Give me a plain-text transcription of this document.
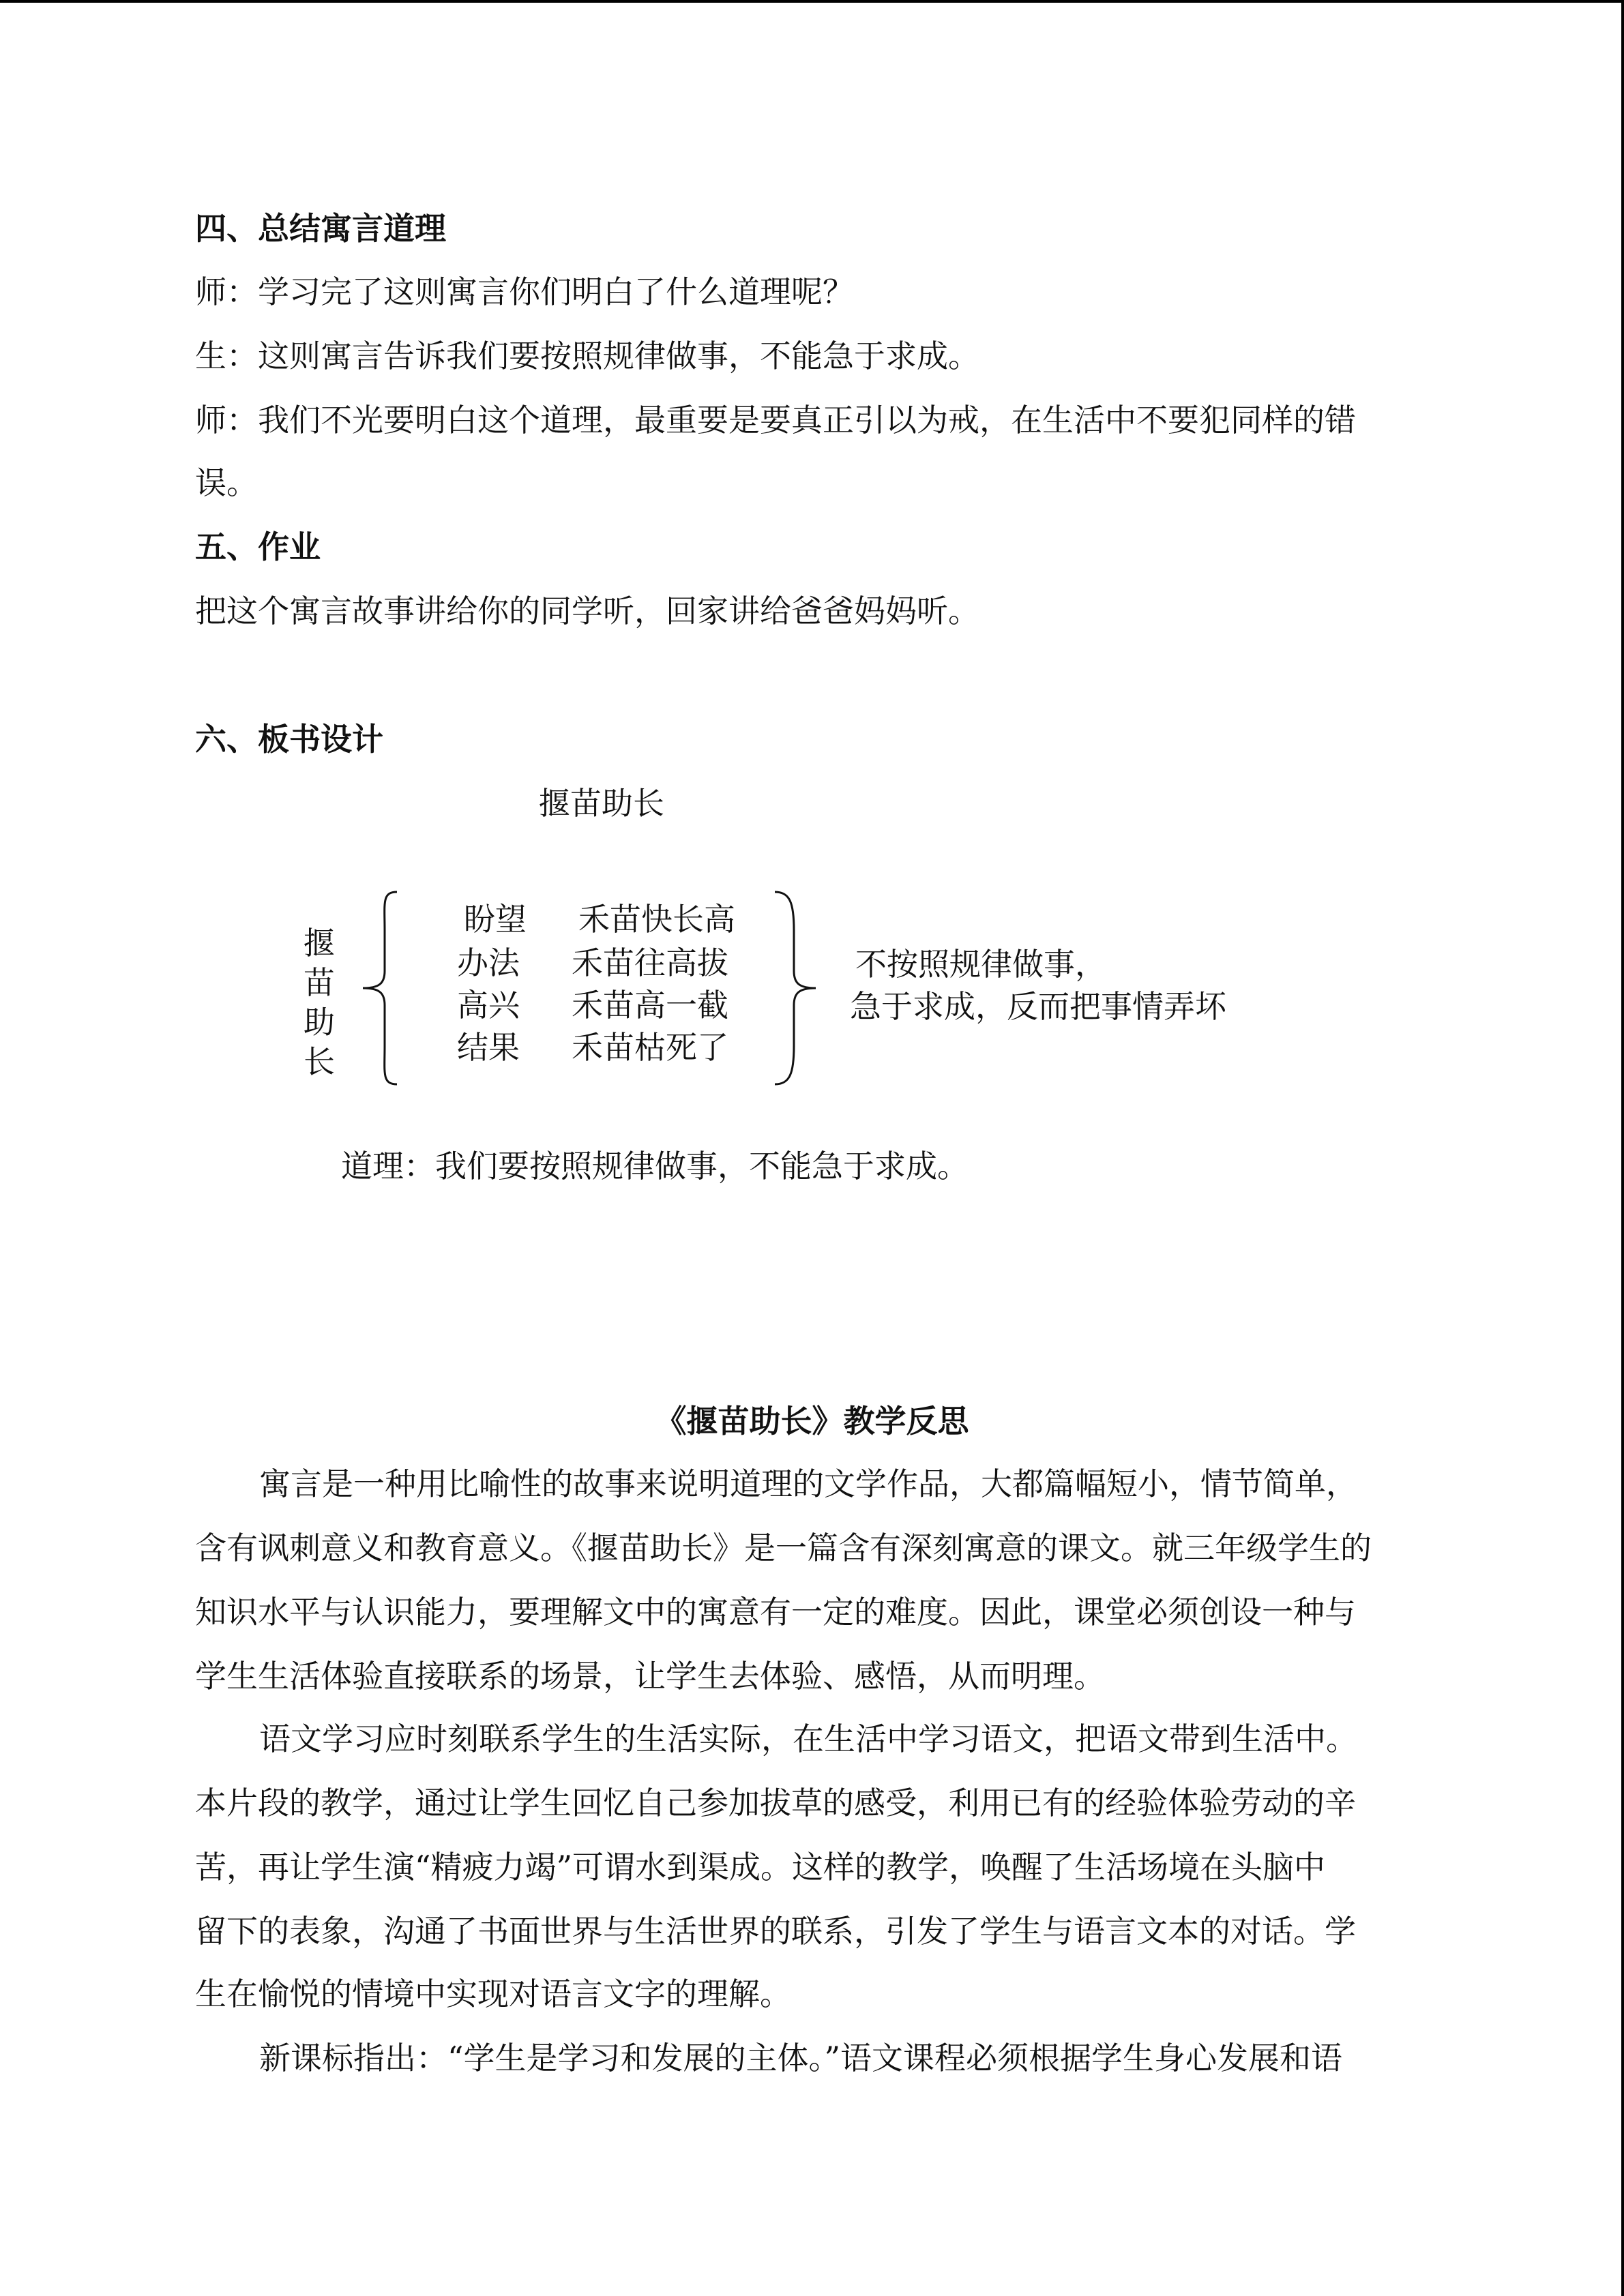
四、总结寓言道理
师：学习完了这则寓言你们明白了什么道理呢？
生：这则寓言告诉我们要按照规律做事，不能急于求成。
师：我们不光要明白这个道理，最重要是要真正引以为戒，在生活中不要犯同样的错
误。
五、作业
把这个寓言故事讲给你的同学听，回家讲给爸爸妈妈听。
六、板书设计
揠苗助长
揠
苗
助
长
盼望 禾苗快长高
办法 禾苗往高拔
高兴 禾苗高一截
结果 禾苗枯死了
不按照规律做事，
急于求成，反而把事情弄坏
道理：我们要按照规律做事，不能急于求成。
《揠苗助长》教学反思
寓言是一种用比喻性的故事来说明道理的文学作品，大都篇幅短小，情节简单，
含有讽刺意义和教育意义。《揠苗助长》是一篇含有深刻寓意的课文。就三年级学生的
知识水平与认识能力，要理解文中的寓意有一定的难度。因此，课堂必须创设一种与
学生生活体验直接联系的场景，让学生去体验、感悟，从而明理。
语文学习应时刻联系学生的生活实际，在生活中学习语文，把语文带到生活中。
本片段的教学，通过让学生回忆自己参加拔草的感受，利用已有的经验体验劳动的辛
苦，再让学生演“精疲力竭”可谓水到渠成。这样的教学，唤醒了生活场境在头脑中
留下的表象，沟通了书面世界与生活世界的联系，引发了学生与语言文本的对话。学
生在愉悦的情境中实现对语言文字的理解。
新课标指出：“学生是学习和发展的主体。”语文课程必须根据学生身心发展和语
